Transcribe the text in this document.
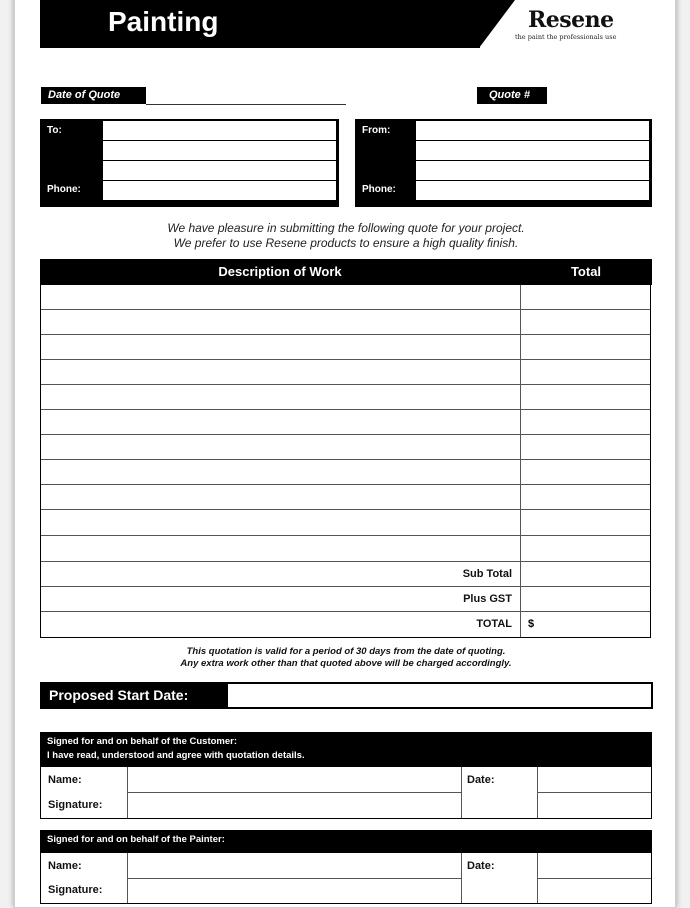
Painting	Resene
the paint the professionals use
Date of Quote	Quote #
To:
Phone:
From:
Phone:
We have pleasure in submitting the following quote for your project.
We prefer to use Resene products to ensure a high quality finish.
Description of Work	Total
Sub Total
Plus GST
TOTAL $
This quotation is valid for a period of 30 days from the date of quoting.
Any extra work other than that quoted above will be charged accordingly.
Proposed Start Date:
Signed for and on behalf of the Customer:
I have read, understood and agree with quotation details.
Name:
Signature:
Date:
Signed for and on behalf of the Painter:
Name:
Signature:
Date:
